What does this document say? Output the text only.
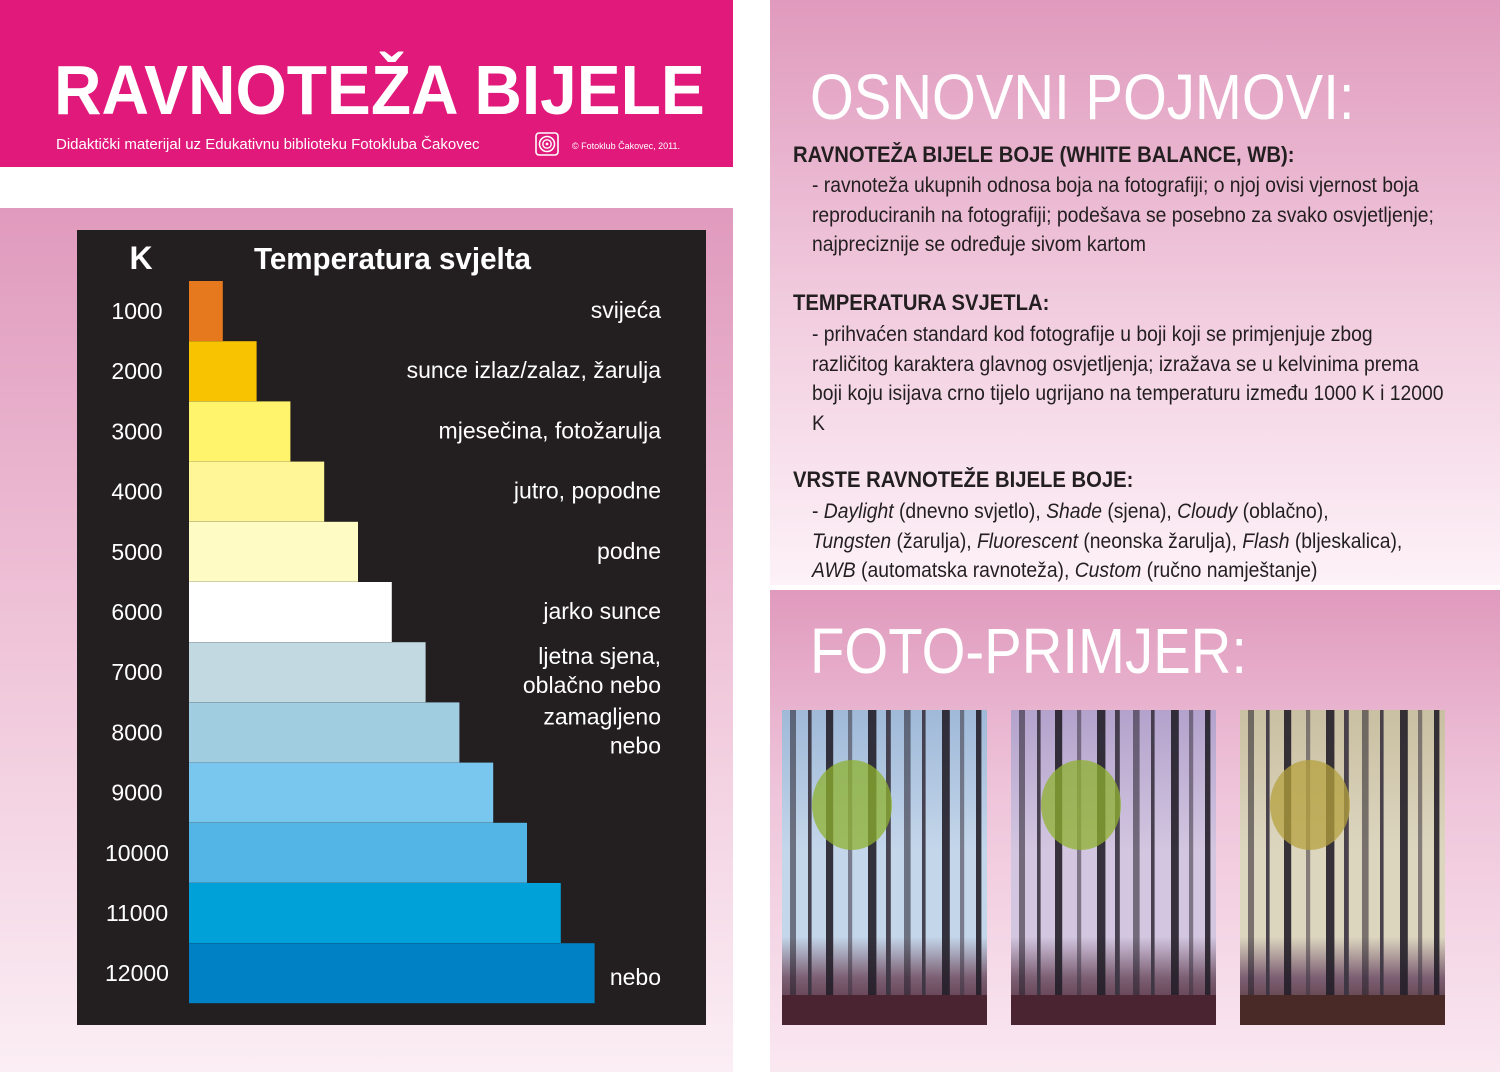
RAVNOTEŽA BIJELE
Didaktički materijal uz Edukativnu biblioteku Fotokluba Čakovec	© Fotoklub Čakovec, 2011.
K	Temperatura svjelta
1000
2000
3000
4000
5000
6000
7000
8000
9000
10000
11000
12000
svijeća
sunce izlaz/zalaz, žarulja
mjesečina, fotožarulja
jutro, popodne
podne
jarko sunce
ljetna sjena,
oblačno nebo
zamagljeno
nebo
nebo
OSNOVNI POJMOVI:
RAVNOTEŽA BIJELE BOJE (WHITE BALANCE, WB):
- ravnoteža ukupnih odnosa boja na fotografiji; o njoj ovisi vjernost boja reproduciranih na fotografiji; podešava se posebno za svako osvjetljenje; najpreciznije se određuje sivom kartom
TEMPERATURA SVJETLA:
- prihvaćen standard kod fotografije u boji koji se primjenjuje zbog različitog karaktera glavnog osvjetljenja; izražava se u kelvinima prema boji koju isijava crno tijelo ugrijano na temperaturu između 1000 K i 12000 K
VRSTE RAVNOTEŽE BIJELE BOJE:
- Daylight (dnevno svjetlo), Shade (sjena), Cloudy (oblačno),
Tungsten (žarulja), Fluorescent (neonska žarulja), Flash (bljeskalica),
AWB (automatska ravnoteža), Custom (ručno namještanje)
FOTO-PRIMJER:
